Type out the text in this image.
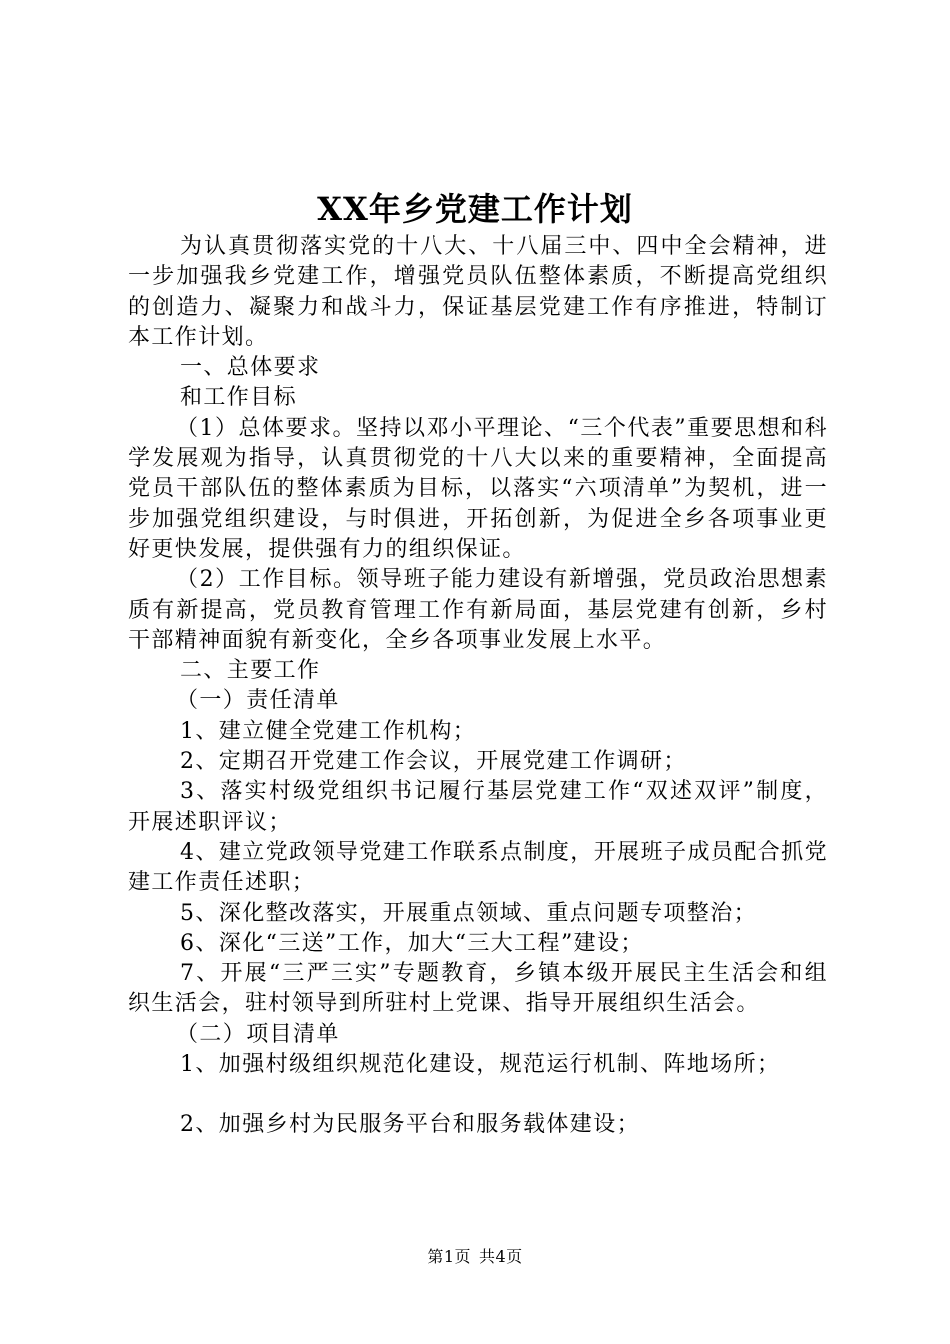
XX年乡党建工作计划

为认真贯彻落实党的十八大、十八届三中、四中全会精神，进一步加强我乡党建工作，增强党员队伍整体素质，不断提高党组织的创造力、凝聚力和战斗力，保证基层党建工作有序推进，特制订本工作计划。

一、总体要求

和工作目标

（1）总体要求。坚持以邓小平理论、“三个代表”重要思想和科学发展观为指导，认真贯彻党的十八大以来的重要精神，全面提高党员干部队伍的整体素质为目标，以落实“六项清单”为契机，进一步加强党组织建设，与时俱进，开拓创新，为促进全乡各项事业更好更快发展，提供强有力的组织保证。

（2）工作目标。领导班子能力建设有新增强，党员政治思想素质有新提高，党员教育管理工作有新局面，基层党建有创新，乡村干部精神面貌有新变化，全乡各项事业发展上水平。

二、主要工作

（一）责任清单

1、建立健全党建工作机构；

2、定期召开党建工作会议，开展党建工作调研；

3、落实村级党组织书记履行基层党建工作“双述双评”制度，开展述职评议；

4、建立党政领导党建工作联系点制度，开展班子成员配合抓党建工作责任述职；

5、深化整改落实，开展重点领域、重点问题专项整治；

6、深化“三送”工作，加大“三大工程”建设；

7、开展“三严三实”专题教育，乡镇本级开展民主生活会和组织生活会，驻村领导到所驻村上党课、指导开展组织生活会。

（二）项目清单

1、加强村级组织规范化建设，规范运行机制、阵地场所；

2、加强乡村为民服务平台和服务载体建设；

第1页 共4页
